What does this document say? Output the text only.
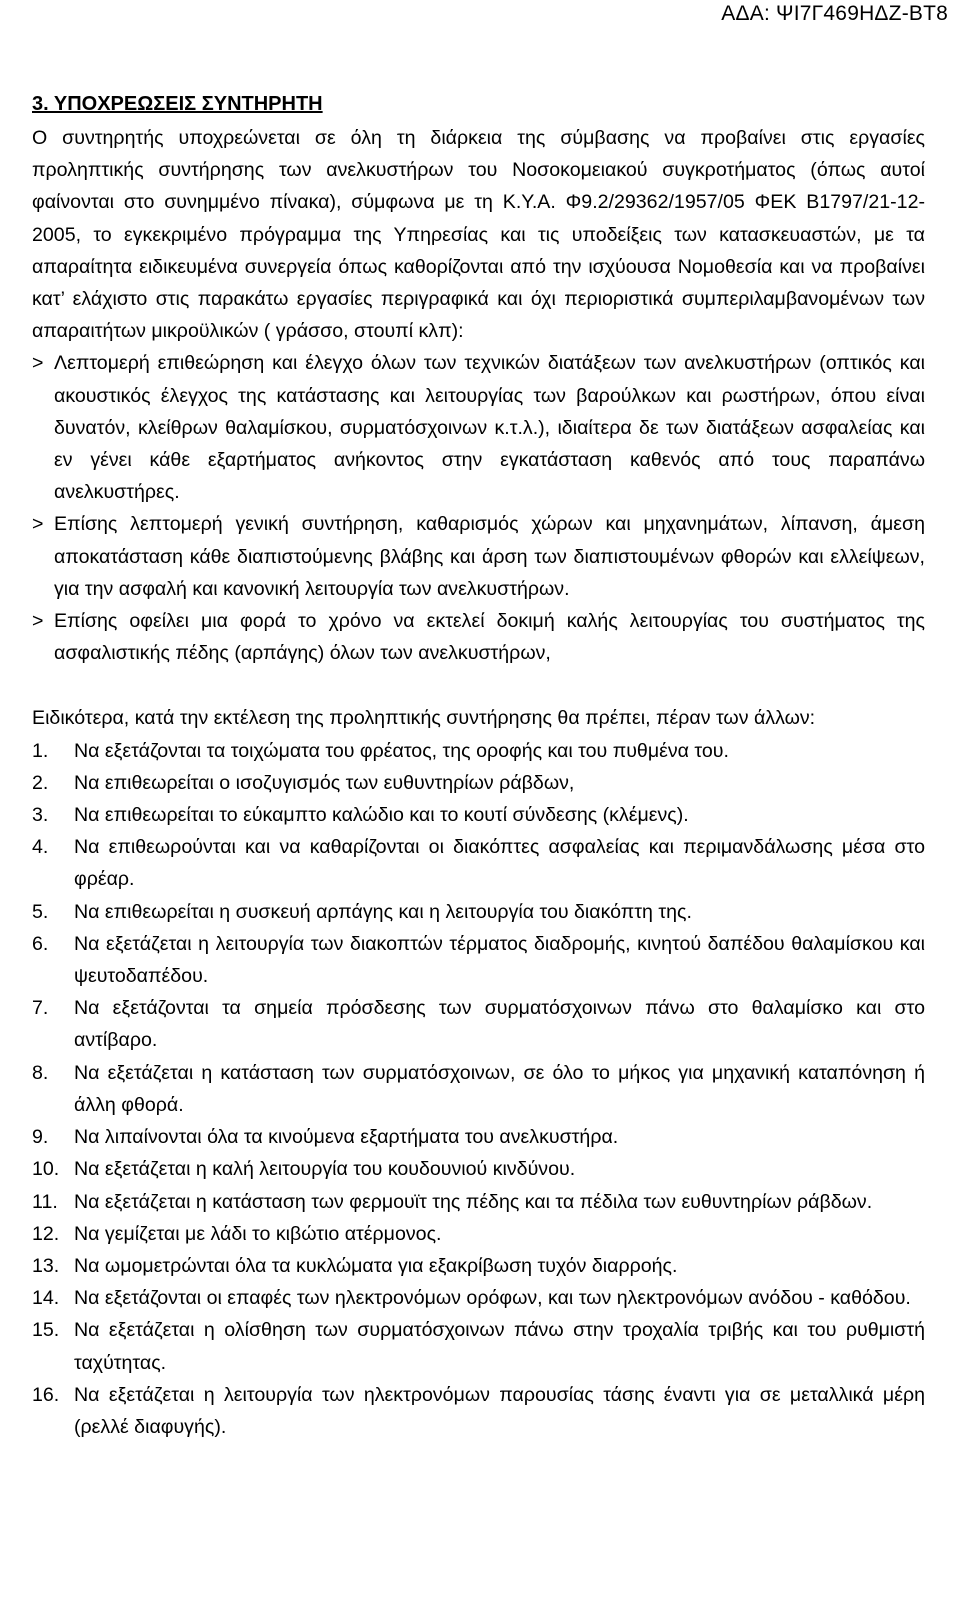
ΑΔΑ: ΨΙ7Γ469ΗΔΖ-ΒΤ8
3. ΥΠΟΧΡΕΩΣΕΙΣ ΣΥΝΤΗΡΗΤΗ

Ο συντηρητής υποχρεώνεται σε όλη τη διάρκεια της σύμβασης να προβαίνει στις εργασίες προληπτικής συντήρησης των ανελκυστήρων του Νοσοκομειακού συγκροτήματος (όπως αυτοί φαίνονται στο συνημμένο πίνακα), σύμφωνα με τη Κ.Υ.Α. Φ9.2/29362/1957/05 ΦΕΚ Β1797/21-12-2005, το εγκεκριμένο πρόγραμμα της Υπηρεσίας και τις υποδείξεις των κατασκευαστών, με τα απαραίτητα ειδικευμένα συνεργεία όπως καθορίζονται από την ισχύουσα Νομοθεσία και να προβαίνει κατ’ ελάχιστο στις παρακάτω εργασίες περιγραφικά και όχι περιοριστικά συμπεριλαμβανομένων των απαραιτήτων μικροϋλικών ( γράσσο, στουπί κλπ):

> Λεπτομερή επιθεώρηση και έλεγχο όλων των τεχνικών διατάξεων των ανελκυστήρων (οπτικός και ακουστικός έλεγχος της κατάστασης και λειτουργίας των βαρούλκων και ρωστήρων, όπου είναι δυνατόν, κλείθρων θαλαμίσκου, συρματόσχοινων κ.τ.λ.), ιδιαίτερα δε των διατάξεων ασφαλείας και εν γένει κάθε εξαρτήματος ανήκοντος στην εγκατάσταση καθενός από τους παραπάνω ανελκυστήρες.
> Επίσης λεπτομερή γενική συντήρηση, καθαρισμός χώρων και μηχανημάτων, λίπανση, άμεση αποκατάσταση κάθε διαπιστούμενης βλάβης και άρση των διαπιστουμένων φθορών και ελλείψεων, για την ασφαλή και κανονική λειτουργία των ανελκυστήρων.
> Επίσης οφείλει μια φορά το χρόνο να εκτελεί δοκιμή καλής λειτουργίας του συστήματος της ασφαλιστικής πέδης (αρπάγης) όλων των ανελκυστήρων,

Ειδικότερα, κατά την εκτέλεση της προληπτικής συντήρησης θα πρέπει, πέραν των άλλων:

1. Να εξετάζονται τα τοιχώματα του φρέατος, της οροφής και του πυθμένα του.
2. Να επιθεωρείται ο ισοζυγισμός των ευθυντηρίων ράβδων,
3. Να επιθεωρείται το εύκαμπτο καλώδιο και το κουτί σύνδεσης (κλέμενς).
4. Να επιθεωρούνται και να καθαρίζονται οι διακόπτες ασφαλείας και περιμανδάλωσης μέσα στο φρέαρ.
5. Να επιθεωρείται η συσκευή αρπάγης και η λειτουργία του διακόπτη της.
6. Να εξετάζεται η λειτουργία των διακοπτών τέρματος διαδρομής, κινητού δαπέδου θαλαμίσκου και ψευτοδαπέδου.
7. Να εξετάζονται τα σημεία πρόσδεσης των συρματόσχοινων πάνω στο θαλαμίσκο και στο αντίβαρο.
8. Να εξετάζεται η κατάσταση των συρματόσχοινων, σε όλο το μήκος για μηχανική καταπόνηση ή άλλη φθορά.
9. Να λιπαίνονται όλα τα κινούμενα εξαρτήματα του ανελκυστήρα.
10. Να εξετάζεται η καλή λειτουργία του κουδουνιού κινδύνου.
11. Να εξετάζεται η κατάσταση των φερμουϊτ της πέδης και τα πέδιλα των ευθυντηρίων ράβδων.
12. Να γεμίζεται με λάδι το κιβώτιο ατέρμονος.
13. Να ωμομετρώνται όλα τα κυκλώματα για εξακρίβωση τυχόν διαρροής.
14. Να εξετάζονται οι επαφές των ηλεκτρονόμων ορόφων, και των ηλεκτρονόμων ανόδου - καθόδου.
15. Να εξετάζεται η ολίσθηση των συρματόσχοινων πάνω στην τροχαλία τριβής και του ρυθμιστή ταχύτητας.
16. Να εξετάζεται η λειτουργία των ηλεκτρονόμων παρουσίας τάσης έναντι για σε μεταλλικά μέρη (ρελλέ διαφυγής).
